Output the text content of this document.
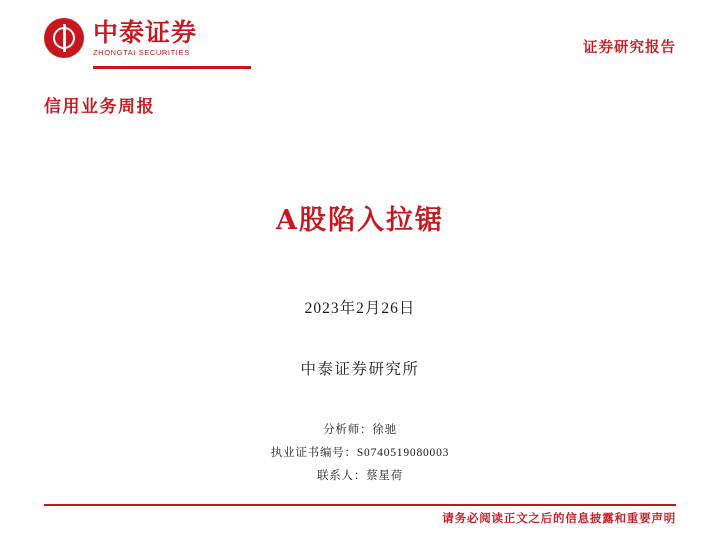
中泰证券
ZHONGTAI SECURITIES	证券研究报告
信用业务周报
A股陷入拉锯
2023年2月26日
中泰证券研究所
分析师：徐驰
执业证书编号：S0740519080003
联系人：蔡星荷
请务必阅读正文之后的信息披露和重要声明
